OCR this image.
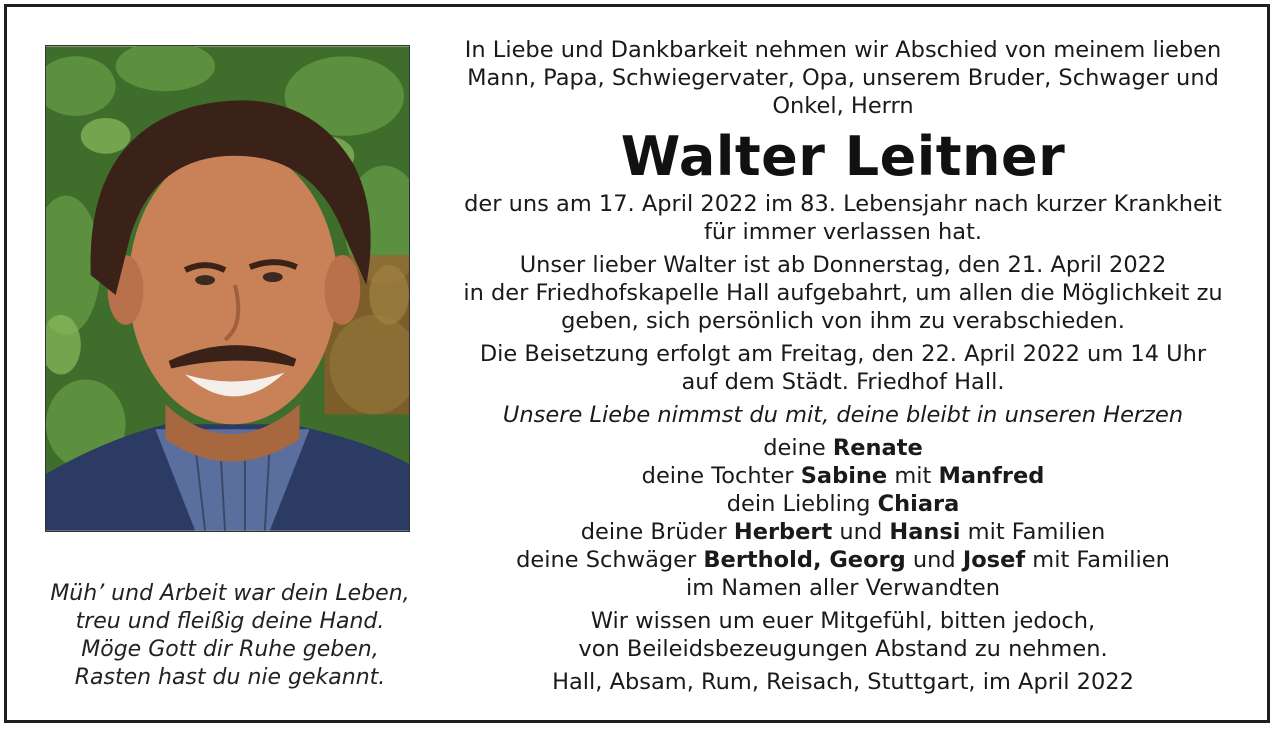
Müh’ und Arbeit war dein Leben,
treu und fleißig deine Hand.
Möge Gott dir Ruhe geben,
Rasten hast du nie gekannt.
In Liebe und Dankbarkeit nehmen wir Abschied von meinem lieben
Mann, Papa, Schwiegervater, Opa, unserem Bruder, Schwager und
Onkel, Herrn
Walter Leitner
der uns am 17. April 2022 im 83. Lebensjahr nach kurzer Krankheit
für immer verlassen hat.
Unser lieber Walter ist ab Donnerstag, den 21. April 2022
in der Friedhofskapelle Hall aufgebahrt, um allen die Möglichkeit zu
geben, sich persönlich von ihm zu verabschieden.
Die Beisetzung erfolgt am Freitag, den 22. April 2022 um 14 Uhr
auf dem Städt. Friedhof Hall.
Unsere Liebe nimmst du mit, deine bleibt in unseren Herzen
deine Renate
deine Tochter Sabine mit Manfred
dein Liebling Chiara
deine Brüder Herbert und Hansi mit Familien
deine Schwäger Berthold, Georg und Josef mit Familien
im Namen aller Verwandten
Wir wissen um euer Mitgefühl, bitten jedoch,
von Beileidsbezeugungen Abstand zu nehmen.
Hall, Absam, Rum, Reisach, Stuttgart, im April 2022
